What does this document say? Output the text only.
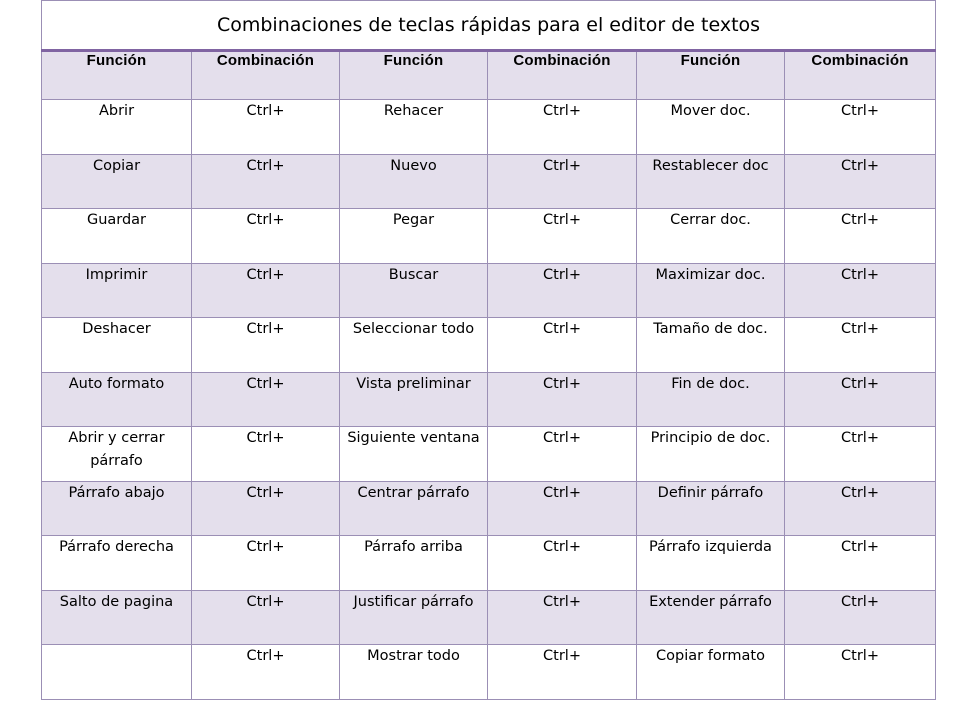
Combinaciones de teclas rápidas para el editor de textos					
Función	Combinación	Función	Combinación	Función	Combinación
Abrir	Ctrl+	Rehacer	Ctrl+	Mover doc.	Ctrl+
Copiar	Ctrl+	Nuevo	Ctrl+	Restablecer doc	Ctrl+
Guardar	Ctrl+	Pegar	Ctrl+	Cerrar doc.	Ctrl+
Imprimir	Ctrl+	Buscar	Ctrl+	Maximizar doc.	Ctrl+
Deshacer	Ctrl+	Seleccionar todo	Ctrl+	Tamaño de doc.	Ctrl+
Auto formato	Ctrl+	Vista preliminar	Ctrl+	Fin de doc.	Ctrl+
Abrir y cerrar párrafo	Ctrl+	Siguiente ventana	Ctrl+	Principio de doc.	Ctrl+
Párrafo abajo	Ctrl+	Centrar párrafo	Ctrl+	Definir párrafo	Ctrl+
Párrafo derecha	Ctrl+	Párrafo arriba	Ctrl+	Párrafo izquierda	Ctrl+
Salto de pagina	Ctrl+	Justificar párrafo	Ctrl+	Extender párrafo	Ctrl+
	Ctrl+	Mostrar todo	Ctrl+	Copiar formato	Ctrl+
